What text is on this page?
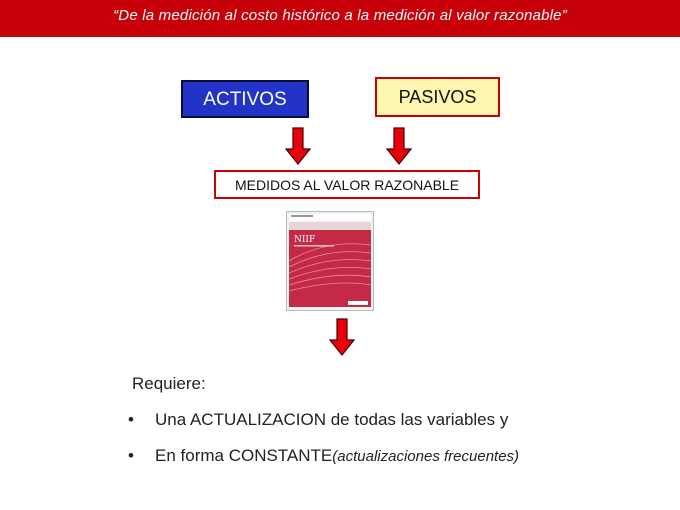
“De la medición al costo histórico a la medición al valor razonable”
ACTIVOS	PASIVOS
MEDIDOS AL VALOR RAZONABLE
NIIF
Requiere:
• Una ACTUALIZACION de todas las variables y
• En forma CONSTANTE(actualizaciones frecuentes)
